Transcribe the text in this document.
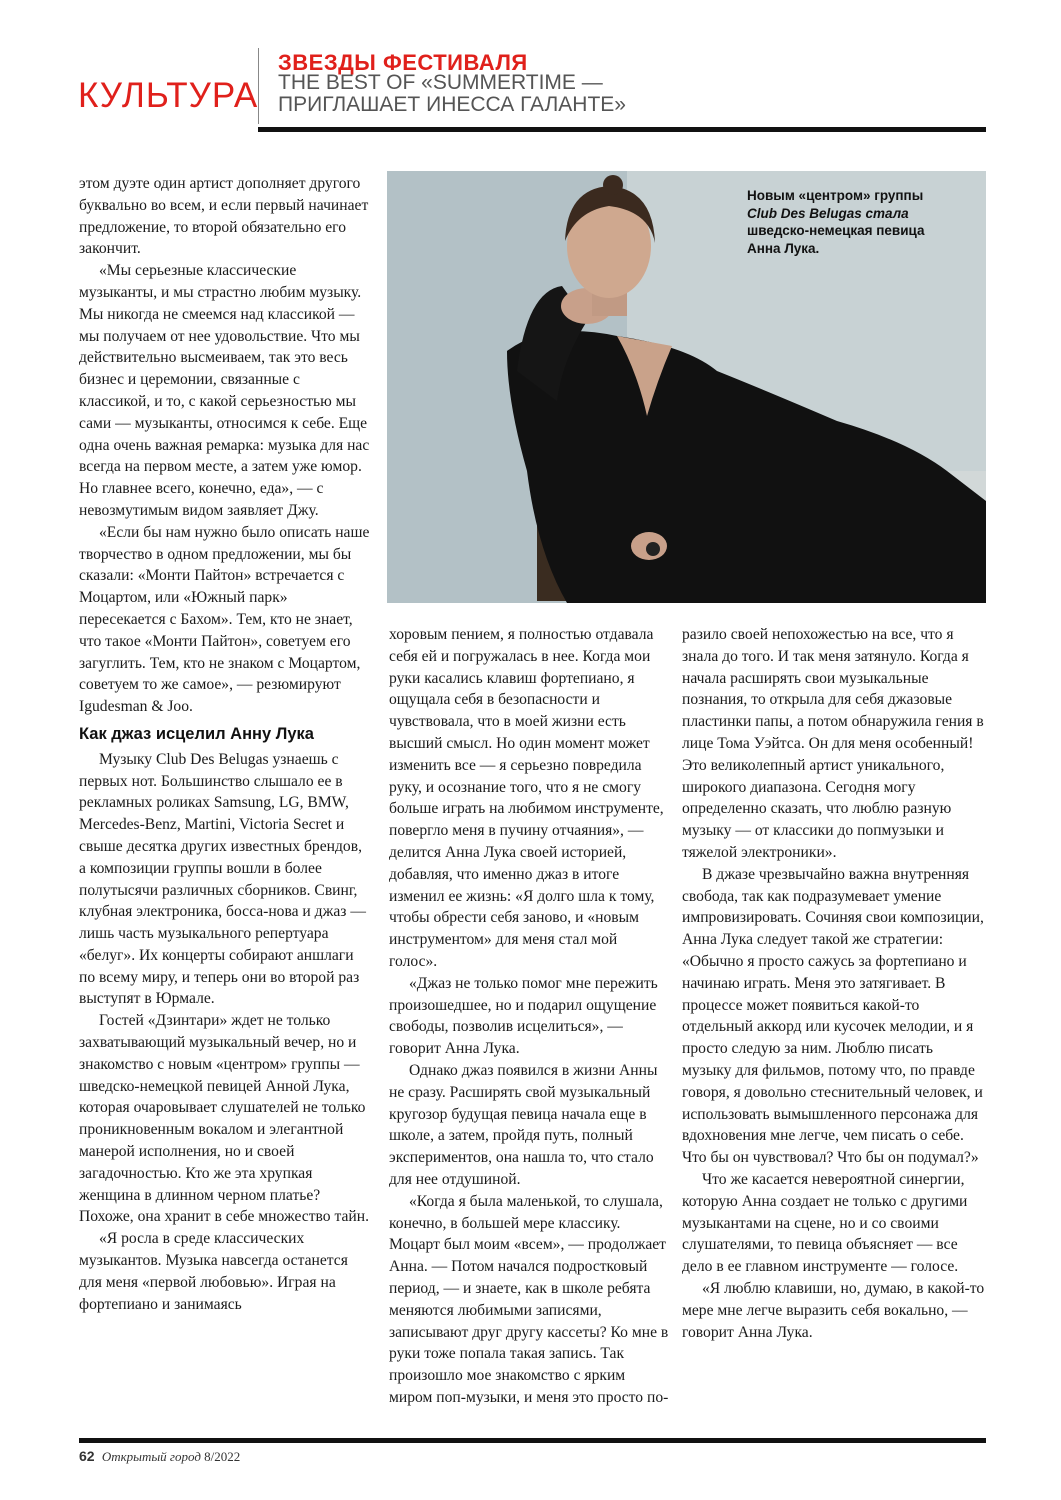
КУЛЬТУРА
ЗВЕЗДЫ ФЕСТИВАЛЯ
THE BEST OF «SUMMERTIME —
ПРИГЛАШАЕТ ИНЕССА ГАЛАНТЕ»

этом дуэте один артист дополняет другого буквально во всем, и если первый начинает предложение, то второй обязательно его закончит.

«Мы серьезные классические музыканты, и мы страстно любим музыку. Мы никогда не смеемся над классикой — мы получаем от нее удовольствие. Что мы действительно высмеиваем, так это весь бизнес и церемонии, связанные с классикой, и то, с какой серьезностью мы сами — музыканты, относимся к себе. Еще одна очень важная ремарка: музыка для нас всегда на первом месте, а затем уже юмор. Но главнее всего, конечно, еда», — с невозмутимым видом заявляет Джу.

«Если бы нам нужно было описать наше творчество в одном предложении, мы бы сказали: «Монти Пайтон» встречается с Моцартом, или «Южный парк» пересекается с Бахом». Тем, кто не знает, что такое «Монти Пайтон», советуем его загуглить. Тем, кто не знаком с Моцартом, советуем то же самое», — резюмируют Igudesman & Joo.

Как джаз исцелил Анну Лука

Музыку Club Des Belugas узнаешь с первых нот. Большинство слышало ее в рекламных роликах Samsung, LG, BMW, Mercedes-Benz, Martini, Victoria Secret и свыше десятка других известных брендов, а композиции группы вошли в более полутысячи различных сборников. Свинг, клубная электроника, босса-нова и джаз — лишь часть музыкального репертуара «белуг». Их концерты собирают аншлаги по всему миру, и теперь они во второй раз выступят в Юрмале.

Гостей «Дзинтари» ждет не только захватывающий музыкальный вечер, но и знакомство с новым «центром» группы — шведско-немецкой певицей Анной Лука, которая очаровывает слушателей не только проникновенным вокалом и элегантной манерой исполнения, но и своей загадочностью. Кто же эта хрупкая женщина в длинном черном платье? Похоже, она хранит в себе множество тайн.

«Я росла в среде классических музыкантов. Музыка навсегда останется для меня «первой любовью». Играя на фортепиано и занимаясь

Новым «центром» группы
Club Des Belugas стала
шведско-немецкая певица
Анна Лука.

хоровым пением, я полностью отдавала себя ей и погружалась в нее. Когда мои руки касались клавиш фортепиано, я ощущала себя в безопасности и чувствовала, что в моей жизни есть высший смысл. Но один момент может изменить все — я серьезно повредила руку, и осознание того, что я не смогу больше играть на любимом инструменте, повергло меня в пучину отчаяния», — делится Анна Лука своей историей, добавляя, что именно джаз в итоге изменил ее жизнь: «Я долго шла к тому, чтобы обрести себя заново, и «новым инструментом» для меня стал мой голос».

«Джаз не только помог мне пережить произошедшее, но и подарил ощущение свободы, позволив исцелиться», — говорит Анна Лука.

Однако джаз появился в жизни Анны не сразу. Расширять свой музыкальный кругозор будущая певица начала еще в школе, а затем, пройдя путь, полный экспериментов, она нашла то, что стало для нее отдушиной.

«Когда я была маленькой, то слушала, конечно, в большей мере классику. Моцарт был моим «всем», — продолжает Анна. — Потом начался подростковый период, — и знаете, как в школе ребята меняются любимыми записями, записывают друг другу кассеты? Ко мне в руки тоже попала такая запись. Так произошло мое знакомство с ярким миром поп-музыки, и меня это просто по-

разило своей непохожестью на все, что я знала до того. И так меня затянуло. Когда я начала расширять свои музыкальные познания, то открыла для себя джазовые пластинки папы, а потом обнаружила гения в лице Тома Уэйтса. Он для меня особенный! Это великолепный артист уникального, широкого диапазона. Сегодня могу определенно сказать, что люблю разную музыку — от классики до попмузыки и тяжелой электроники».

В джазе чрезвычайно важна внутренняя свобода, так как подразумевает умение импровизировать. Сочиняя свои композиции, Анна Лука следует такой же стратегии: «Обычно я просто сажусь за фортепиано и начинаю играть. Меня это затягивает. В процессе может появиться какой-то отдельный аккорд или кусочек мелодии, и я просто следую за ним. Люблю писать музыку для фильмов, потому что, по правде говоря, я довольно стеснительный человек, и использовать вымышленного персонажа для вдохновения мне легче, чем писать о себе. Что бы он чувствовал? Что бы он подумал?»

Что же касается невероятной синергии, которую Анна создает не только с другими музыкантами на сцене, но и со своими слушателями, то певица объясняет — все дело в ее главном инструменте — голосе.

«Я люблю клавиши, но, думаю, в какой-то мере мне легче выразить себя вокально, — говорит Анна Лука.

62 Открытый город 8/2022
